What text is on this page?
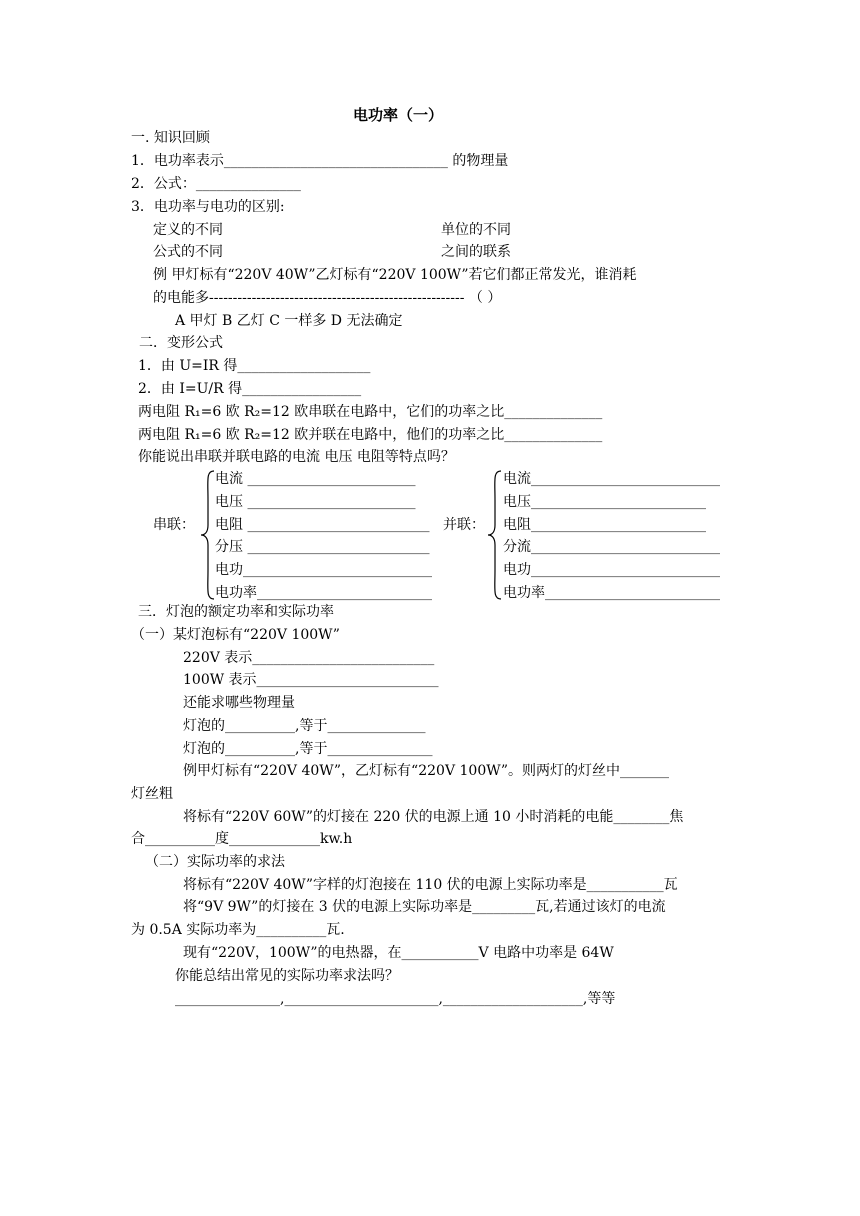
电功率（一）
一. 知识回顾
1．电功率表示________________________________ 的物理量
2．公式：_______________
3．电功率与电功的区别:
定义的不同	单位的不同
公式的不同	之间的联系
例 甲灯标有“220V 40W”乙灯标有“220V 100W”若它们都正常发光，谁消耗
的电能多------------------------------------------------------ （ ）
A 甲灯 B 乙灯 C 一样多 D 无法确定
二．变形公式
1．由 U=IR 得___________________
2．由 I=U/R 得_________________
两电阻 R₁=6 欧 R₂=12 欧串联在电路中，它们的功率之比______________
两电阻 R₁=6 欧 R₂=12 欧并联在电路中，他们的功率之比______________
你能说出串联并联电路的电流 电压 电阻等特点吗？
串联：
电流 ________________________
电压 ________________________
电阻 __________________________
分压 __________________________
电功___________________________
电功率_________________________
并联：
电流___________________________
电压_________________________
电阻_________________________
分流___________________________
电功___________________________
电功率_________________________
三．灯泡的额定功率和实际功率
（一）某灯泡标有“220V 100W”
220V 表示__________________________
100W 表示__________________________
还能求哪些物理量
灯泡的__________,等于______________
灯泡的__________,等于_______________
例甲灯标有“220V 40W”，乙灯标有“220V 100W”。则两灯的灯丝中_______
灯丝粗
将标有“220V 60W”的灯接在 220 伏的电源上通 10 小时消耗的电能________焦
合__________度_____________kw.h
（二）实际功率的求法
将标有“220V 40W”字样的灯泡接在 110 伏的电源上实际功率是___________瓦
将“9V 9W”的灯接在 3 伏的电源上实际功率是_________瓦,若通过该灯的电流
为 0.5A 实际功率为__________瓦.
现有“220V，100W”的电热器，在___________V 电路中功率是 64W
你能总结出常见的实际功率求法吗？
_______________,______________________,____________________,等等
